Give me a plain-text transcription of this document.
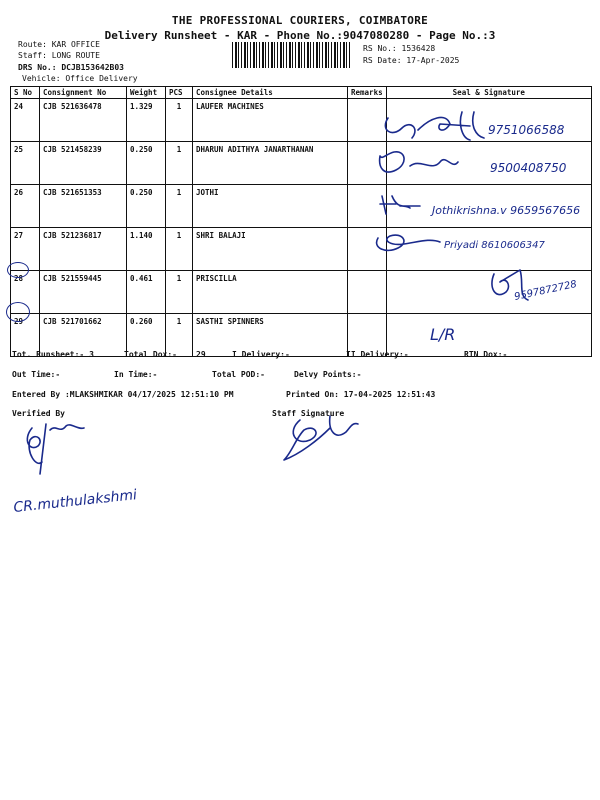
THE PROFESSIONAL COURIERS, COIMBATORE
Delivery Runsheet - KAR - Phone No.:9047080280 - Page No.:3
Route: KAR OFFICE
Staff: LONG ROUTE
DRS No.: DCJB153642B03
Vehicle: Office Delivery
RS No.: 1536428
RS Date: 17-Apr-2025
S No	Consignment No	Weight	PCS	Consignee Details	Remarks	Seal & Signature
24	CJB 521636478	1.329	1	LAUFER MACHINES		
25	CJB 521458239	0.250	1	DHARUN ADITHYA JANARTHANAN		
26	CJB 521651353	0.250	1	JOTHI		
27	CJB 521236817	1.140	1	SHRI BALAJI		
28	CJB 521559445	0.461	1	PRISCILLA		
29	CJB 521701662	0.260	1	SASTHI SPINNERS		
9751066588
9500408750
Jothikrishna.v 9659567656
Priyadi 8610606347
9597872728
L/R
CR.muthulakshmi
Tot. Runsheet:- 3	Total Dox:- 29	I Delivery:-	II Delivery:-	RTN Dox:-
Out Time:-	In Time:-	Total POD:-	Delvy Points:-
Entered By :MLAKSHMIKAR 04/17/2025 12:51:10 PM	Printed On: 17-04-2025 12:51:43
Verified By	Staff Signature
